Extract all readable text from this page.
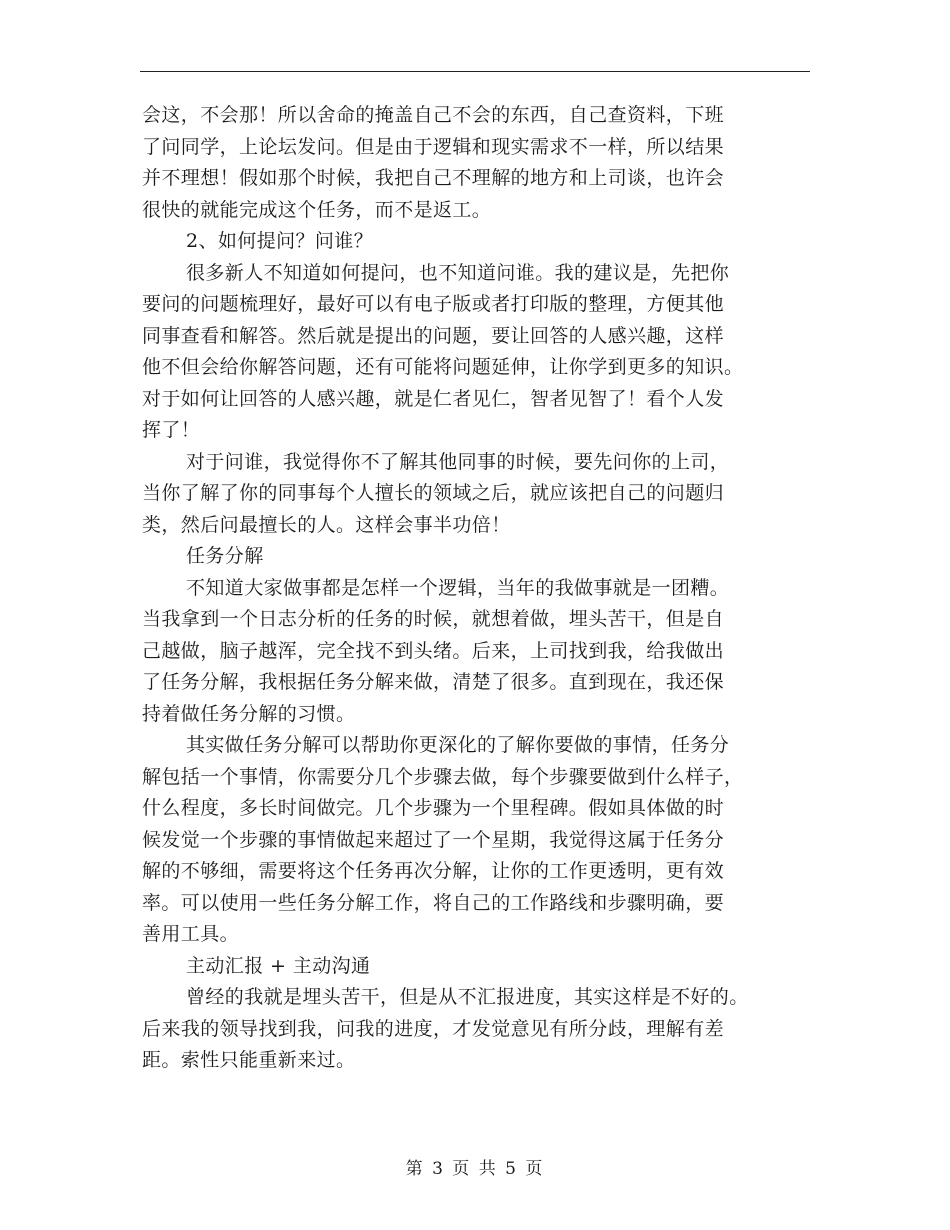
会这，不会那！所以舍命的掩盖自己不会的东西，自己查资料，下班
了问同学，上论坛发问。但是由于逻辑和现实需求不一样，所以结果
并不理想！假如那个时候，我把自己不理解的地方和上司谈，也许会
很快的就能完成这个任务，而不是返工。
2、如何提问？问谁？
很多新人不知道如何提问，也不知道问谁。我的建议是，先把你
要问的问题梳理好，最好可以有电子版或者打印版的整理，方便其他
同事查看和解答。然后就是提出的问题，要让回答的人感兴趣，这样
他不但会给你解答问题，还有可能将问题延伸，让你学到更多的知识。
对于如何让回答的人感兴趣，就是仁者见仁，智者见智了！看个人发
挥了！
对于问谁，我觉得你不了解其他同事的时候，要先问你的上司，
当你了解了你的同事每个人擅长的领域之后，就应该把自己的问题归
类，然后问最擅长的人。这样会事半功倍！
任务分解
不知道大家做事都是怎样一个逻辑，当年的我做事就是一团糟。
当我拿到一个日志分析的任务的时候，就想着做，埋头苦干，但是自
己越做，脑子越浑，完全找不到头绪。后来，上司找到我，给我做出
了任务分解，我根据任务分解来做，清楚了很多。直到现在，我还保
持着做任务分解的习惯。
其实做任务分解可以帮助你更深化的了解你要做的事情，任务分
解包括一个事情，你需要分几个步骤去做，每个步骤要做到什么样子，
什么程度，多长时间做完。几个步骤为一个里程碑。假如具体做的时
候发觉一个步骤的事情做起来超过了一个星期，我觉得这属于任务分
解的不够细，需要将这个任务再次分解，让你的工作更透明，更有效
率。可以使用一些任务分解工作，将自己的工作路线和步骤明确，要
善用工具。
主动汇报 + 主动沟通
曾经的我就是埋头苦干，但是从不汇报进度，其实这样是不好的。
后来我的领导找到我，问我的进度，才发觉意见有所分歧，理解有差
距。索性只能重新来过。
第 3 页 共 5 页
